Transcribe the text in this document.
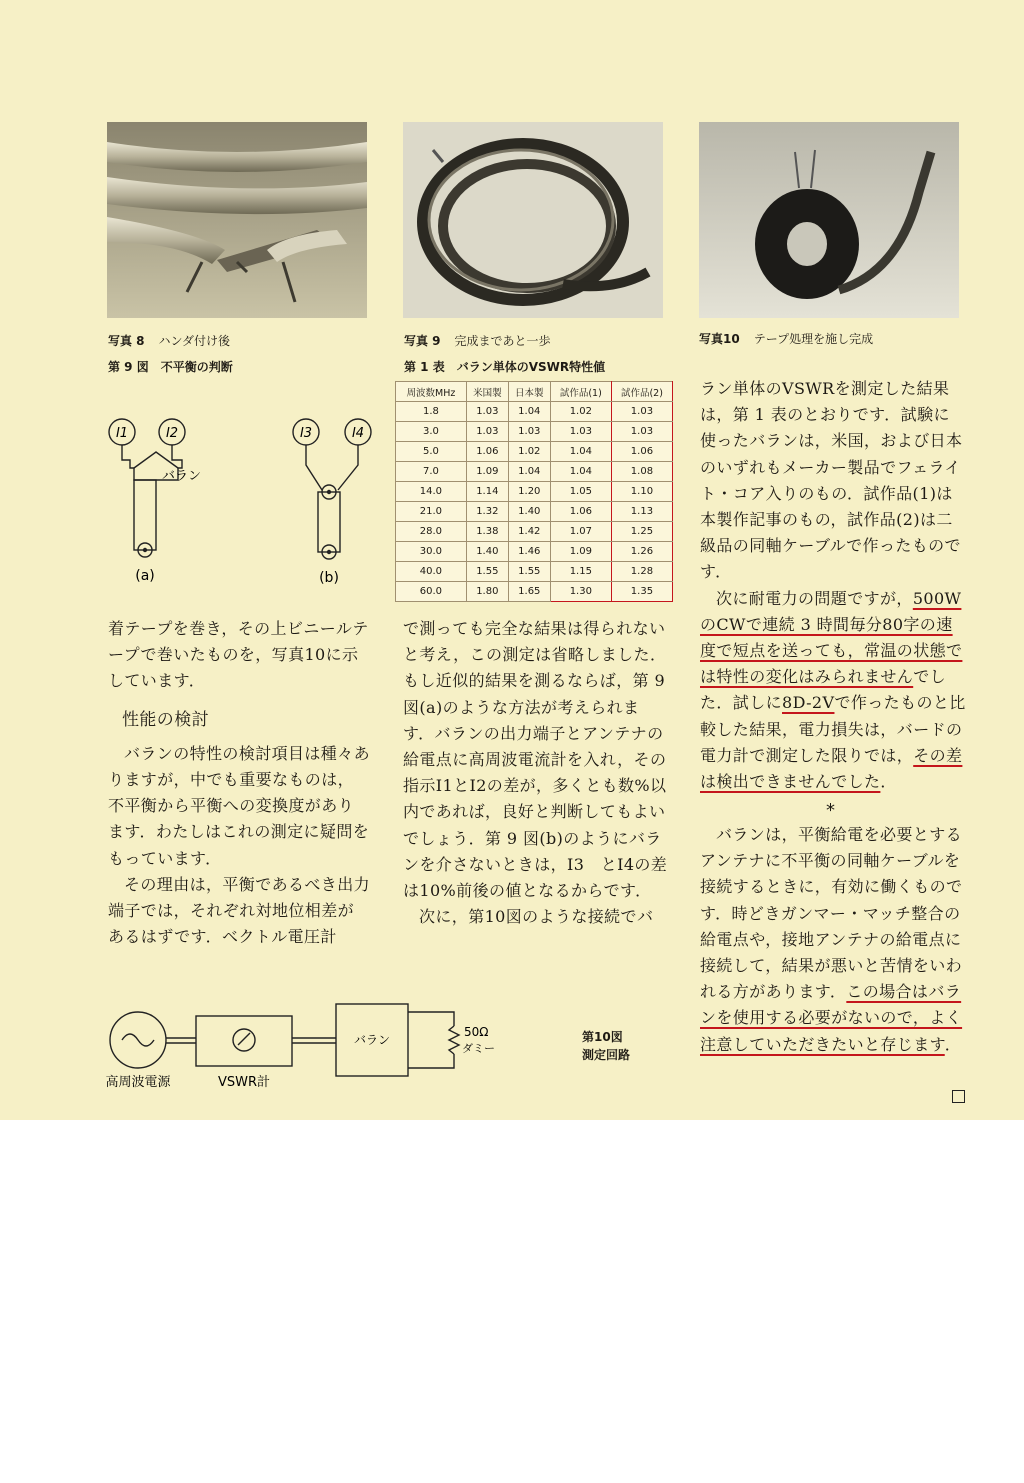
写真 8 ハンダ付け後	写真 9 完成まであと一歩	写真10 テープ処理を施し完成
第 9 図　不平衡の判断
I1	I2	I3	I4
バラン
(a)	(b)
第 1 表　バラン単体のVSWR特性値
周波数MHz	米国製	日本製	試作品(1)	試作品(2)
1.8	1.03	1.04	1.02	1.03
3.0	1.03	1.03	1.03	1.03
5.0	1.06	1.02	1.04	1.06
7.0	1.09	1.04	1.04	1.08
14.0	1.14	1.20	1.05	1.10
21.0	1.32	1.40	1.06	1.13
28.0	1.38	1.42	1.07	1.25
30.0	1.40	1.46	1.09	1.26
40.0	1.55	1.55	1.15	1.28
60.0	1.80	1.65	1.30	1.35

着テープを巻き，その上ビニールテープで巻いたものを，写真10に示しています．

性能の検討

バランの特性の検討項目は種々ありますが，中でも重要なものは，不平衡から平衡への変換度があります．わたしはこれの測定に疑問をもっています．

その理由は，平衡であるべき出力端子では，それぞれ対地位相差があるはずです．ベクトル電圧計

で測っても完全な結果は得られないと考え，この測定は省略しました．もし近似的結果を測るならば，第 9 図(a)のような方法が考えられます．バランの出力端子とアンテナの給電点に高周波電流計を入れ，その指示I1とI2の差が，多くとも数%以内であれば，良好と判断してもよいでしょう．第 9 図(b)のようにバランを介さないときは，I3　とI4の差は10%前後の値となるからです．

次に，第10図のような接続でバ

ラン単体のVSWRを測定した結果は，第 1 表のとおりです．試験に使ったバランは，米国，および日本のいずれもメーカー製品でフェライト・コア入りのもの．試作品(1)は本製作記事のもの，試作品(2)は二級品の同軸ケーブルで作ったものです．

次に耐電力の問題ですが，500WのCWで連続 3 時間毎分80字の速度で短点を送っても，常温の状態では特性の変化はみられませんでした．試しに8D-2Vで作ったものと比較した結果，電力損失は，バードの電力計で測定した限りでは，その差は検出できませんでした．

*

バランは，平衡給電を必要とするアンテナに不平衡の同軸ケーブルを接続するときに，有効に働くものです．時どきガンマー・マッチ整合の給電点や，接地アンテナの給電点に接続して，結果が悪いと苦情をいわれる方があります．この場合はバランを使用する必要がないので，よく注意していただきたいと存じます．

高周波電源	VSWR計
バラン
50Ω
ダミー
第10図
測定回路
